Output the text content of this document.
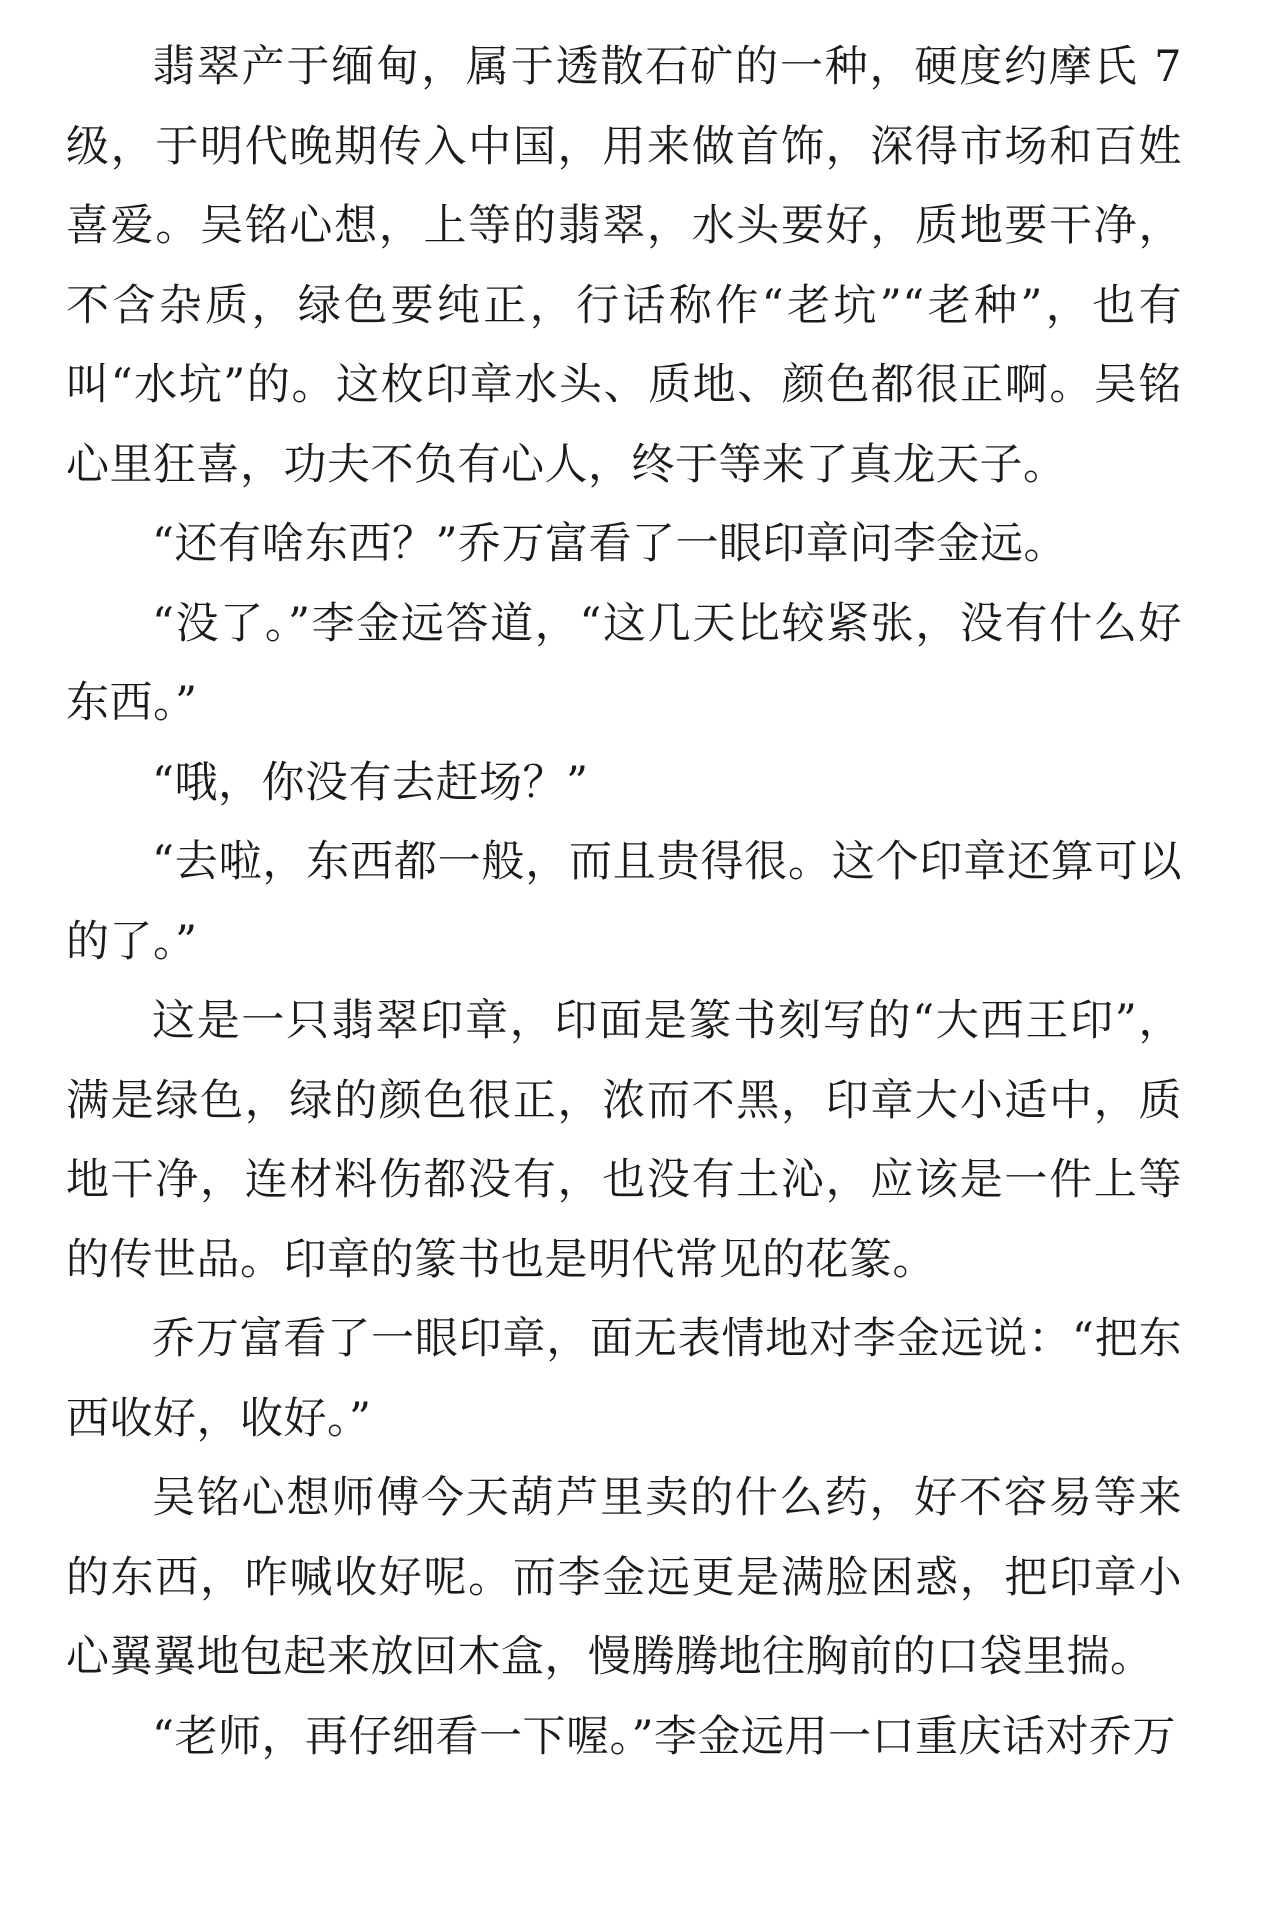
翡翠产于缅甸，属于透散石矿的一种，硬度约摩氏 7 级，于明代晚期传入中国，用来做首饰，深得市场和百姓喜爱。吴铭心想，上等的翡翠，水头要好，质地要干净，不含杂质，绿色要纯正，行话称作“老坑”“老种”，也有叫“水坑”的。这枚印章水头、质地、颜色都很正啊。吴铭心里狂喜，功夫不负有心人，终于等来了真龙天子。

“还有啥东西？”乔万富看了一眼印章问李金远。

“没了。”李金远答道，“这几天比较紧张，没有什么好东西。”

“哦，你没有去赶场？”

“去啦，东西都一般，而且贵得很。这个印章还算可以的了。”

这是一只翡翠印章，印面是篆书刻写的“大西王印”，满是绿色，绿的颜色很正，浓而不黑，印章大小适中，质地干净，连材料伤都没有，也没有土沁，应该是一件上等的传世品。印章的篆书也是明代常见的花篆。

乔万富看了一眼印章，面无表情地对李金远说：“把东西收好，收好。”

吴铭心想师傅今天葫芦里卖的什么药，好不容易等来的东西，咋喊收好呢。而李金远更是满脸困惑，把印章小心翼翼地包起来放回木盒，慢腾腾地往胸前的口袋里揣。

“老师，再仔细看一下喔。”李金远用一口重庆话对乔万
